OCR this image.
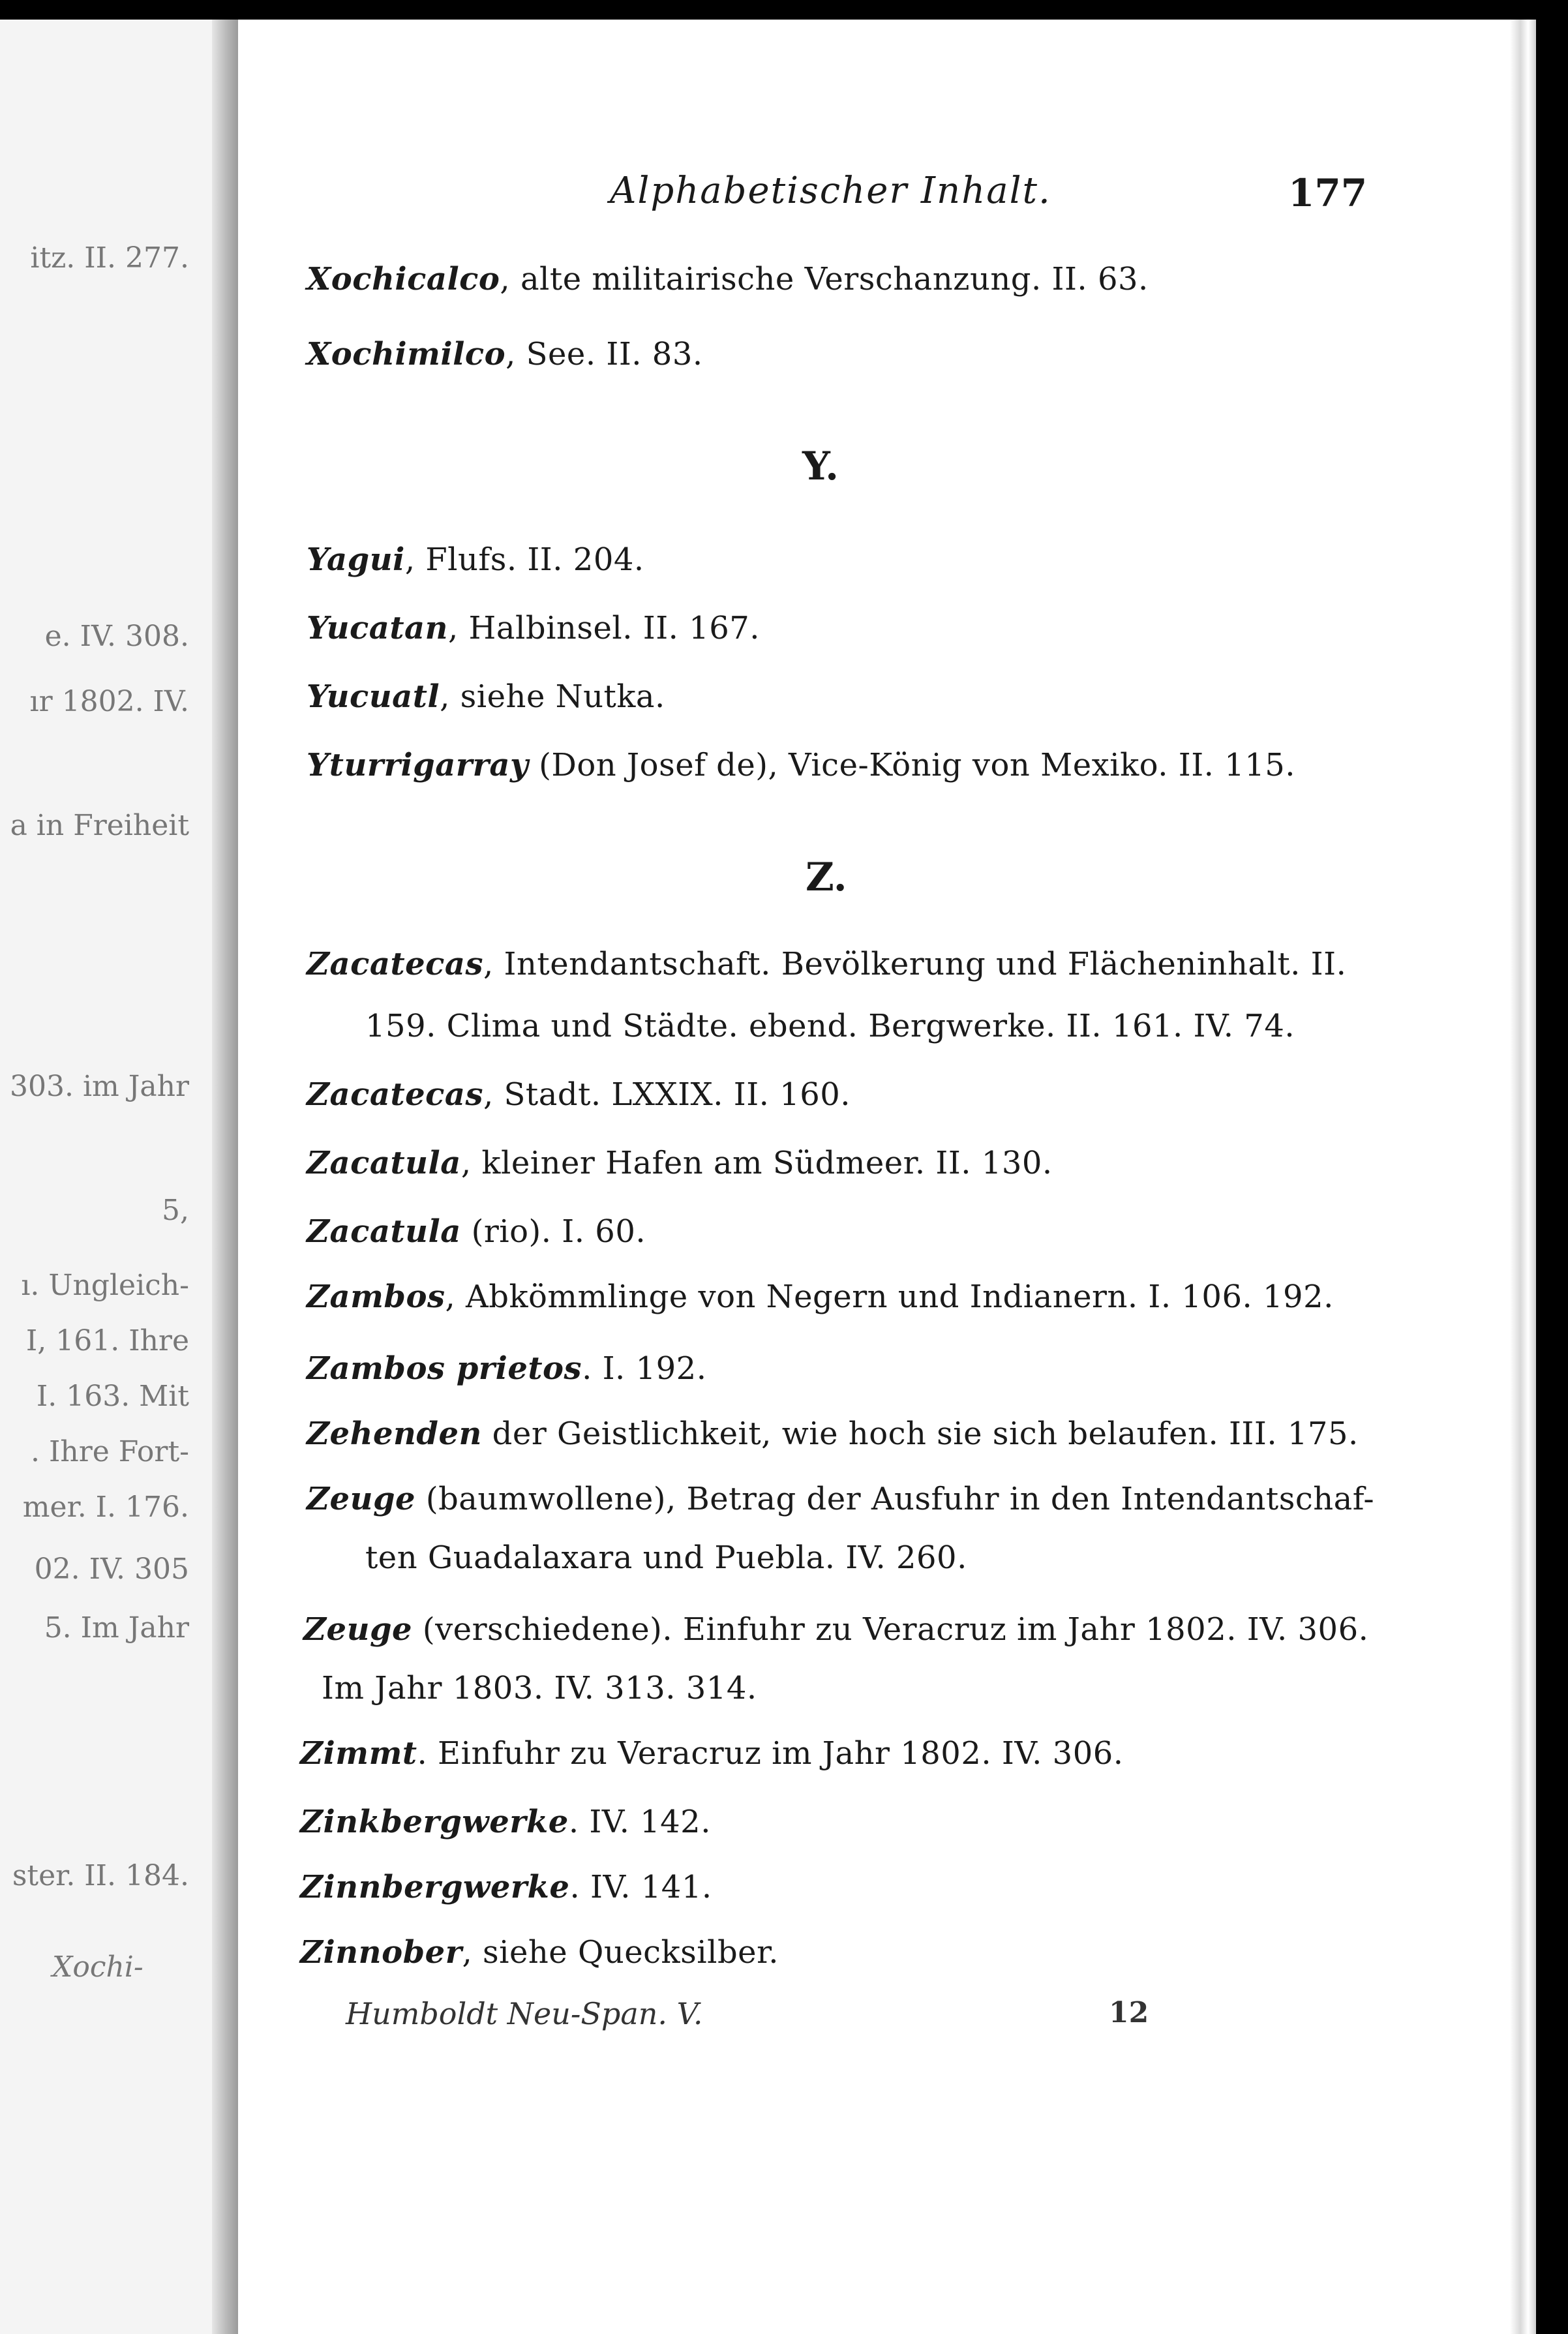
itz. II. 277.
e. IV. 308.
ır 1802. IV.
a in Freiheit
303. im Jahr
5,
ı. Ungleich-
I, 161. Ihre
I. 163. Mit
. Ihre Fort-
mer. I. 176.
02. IV. 305
5. Im Jahr
ster. II. 184.
Xochi-
Alphabetischer Inhalt.	177
Xochicalco, alte militairische Verschanzung. II. 63.
Xochimilco, See. II. 83.
Y.
Yagui, Flufs. II. 204.
Yucatan, Halbinsel. II. 167.
Yucuatl, siehe Nutka.
Yturrigarray (Don Josef de), Vice-König von Mexiko. II. 115.
Z.
Zacatecas, Intendantschaft. Bevölkerung und Flächeninhalt. II.
159. Clima und Städte. ebend. Bergwerke. II. 161. IV. 74.
Zacatecas, Stadt. LXXIX. II. 160.
Zacatula, kleiner Hafen am Südmeer. II. 130.
Zacatula (rio). I. 60.
Zambos, Abkömmlinge von Negern und Indianern. I. 106. 192.
Zambos prietos. I. 192.
Zehenden der Geistlichkeit, wie hoch sie sich belaufen. III. 175.
Zeuge (baumwollene), Betrag der Ausfuhr in den Intendantschaf-
ten Guadalaxara und Puebla. IV. 260.
Zeuge (verschiedene). Einfuhr zu Veracruz im Jahr 1802. IV. 306.
Im Jahr 1803. IV. 313. 314.
Zimmt. Einfuhr zu Veracruz im Jahr 1802. IV. 306.
Zinkbergwerke. IV. 142.
Zinnbergwerke. IV. 141.
Zinnober, siehe Quecksilber.
Humboldt Neu-Span. V.	12
